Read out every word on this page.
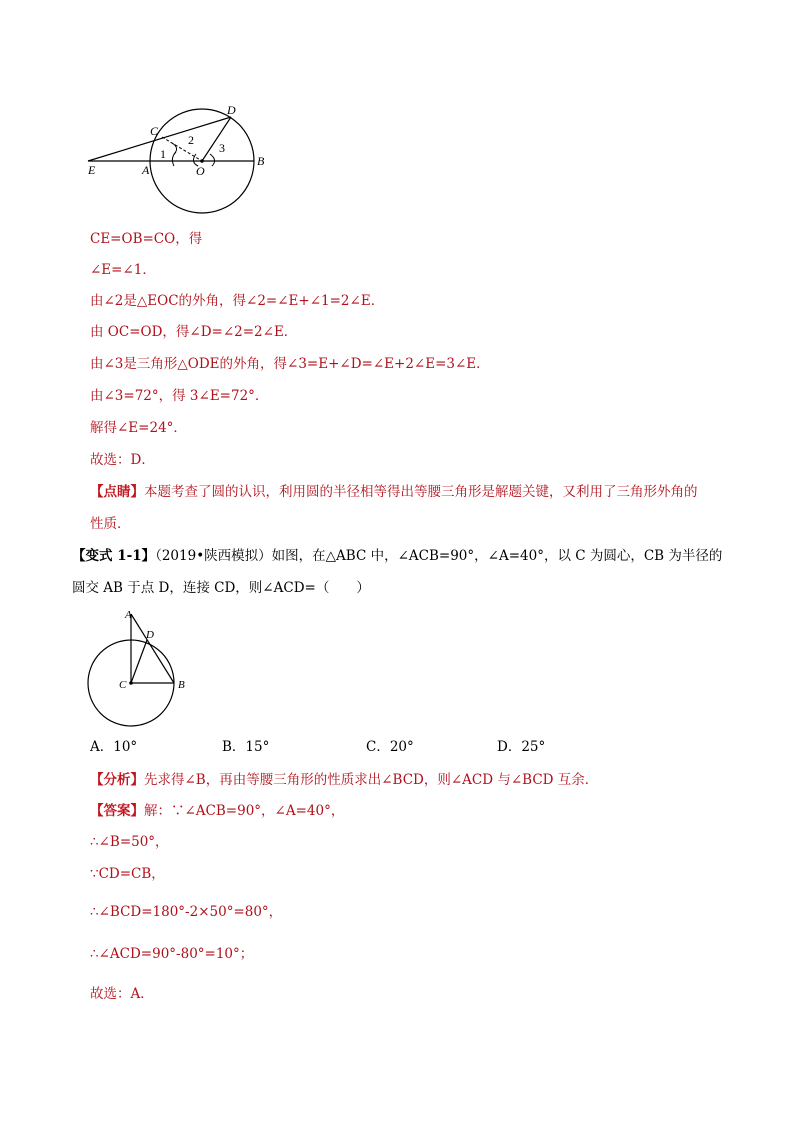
D
C
E	A	O
B
1
2
3
CE=OB=CO，得
∠E=∠1．
由∠2是△EOC的外角，得∠2=∠E+∠1=2∠E．
由 OC=OD，得∠D=∠2=2∠E．
由∠3是三角形△ODE的外角，得∠3=E+∠D=∠E+2∠E=3∠E．
由∠3=72°，得 3∠E=72°．
解得∠E=24°．
故选：D．
【点睛】本题考查了圆的认识，利用圆的半径相等得出等腰三角形是解题关键，又利用了三角形外角的
性质．
【变式 1-1】（2019•陕西模拟）如图，在△ABC 中，∠ACB=90°，∠A=40°，以 C 为圆心，CB 为半径的
圆交 AB 于点 D，连接 CD，则∠ACD=（　　）
A
D
C	B
A．10°	B．15°	C．20°	D．25°
【分析】先求得∠B，再由等腰三角形的性质求出∠BCD，则∠ACD 与∠BCD 互余．
【答案】解：∵∠ACB=90°，∠A=40°，
∴∠B=50°，
∵CD=CB，
∴∠BCD=180°-2×50°=80°，
∴∠ACD=90°-80°=10°；
故选：A．
